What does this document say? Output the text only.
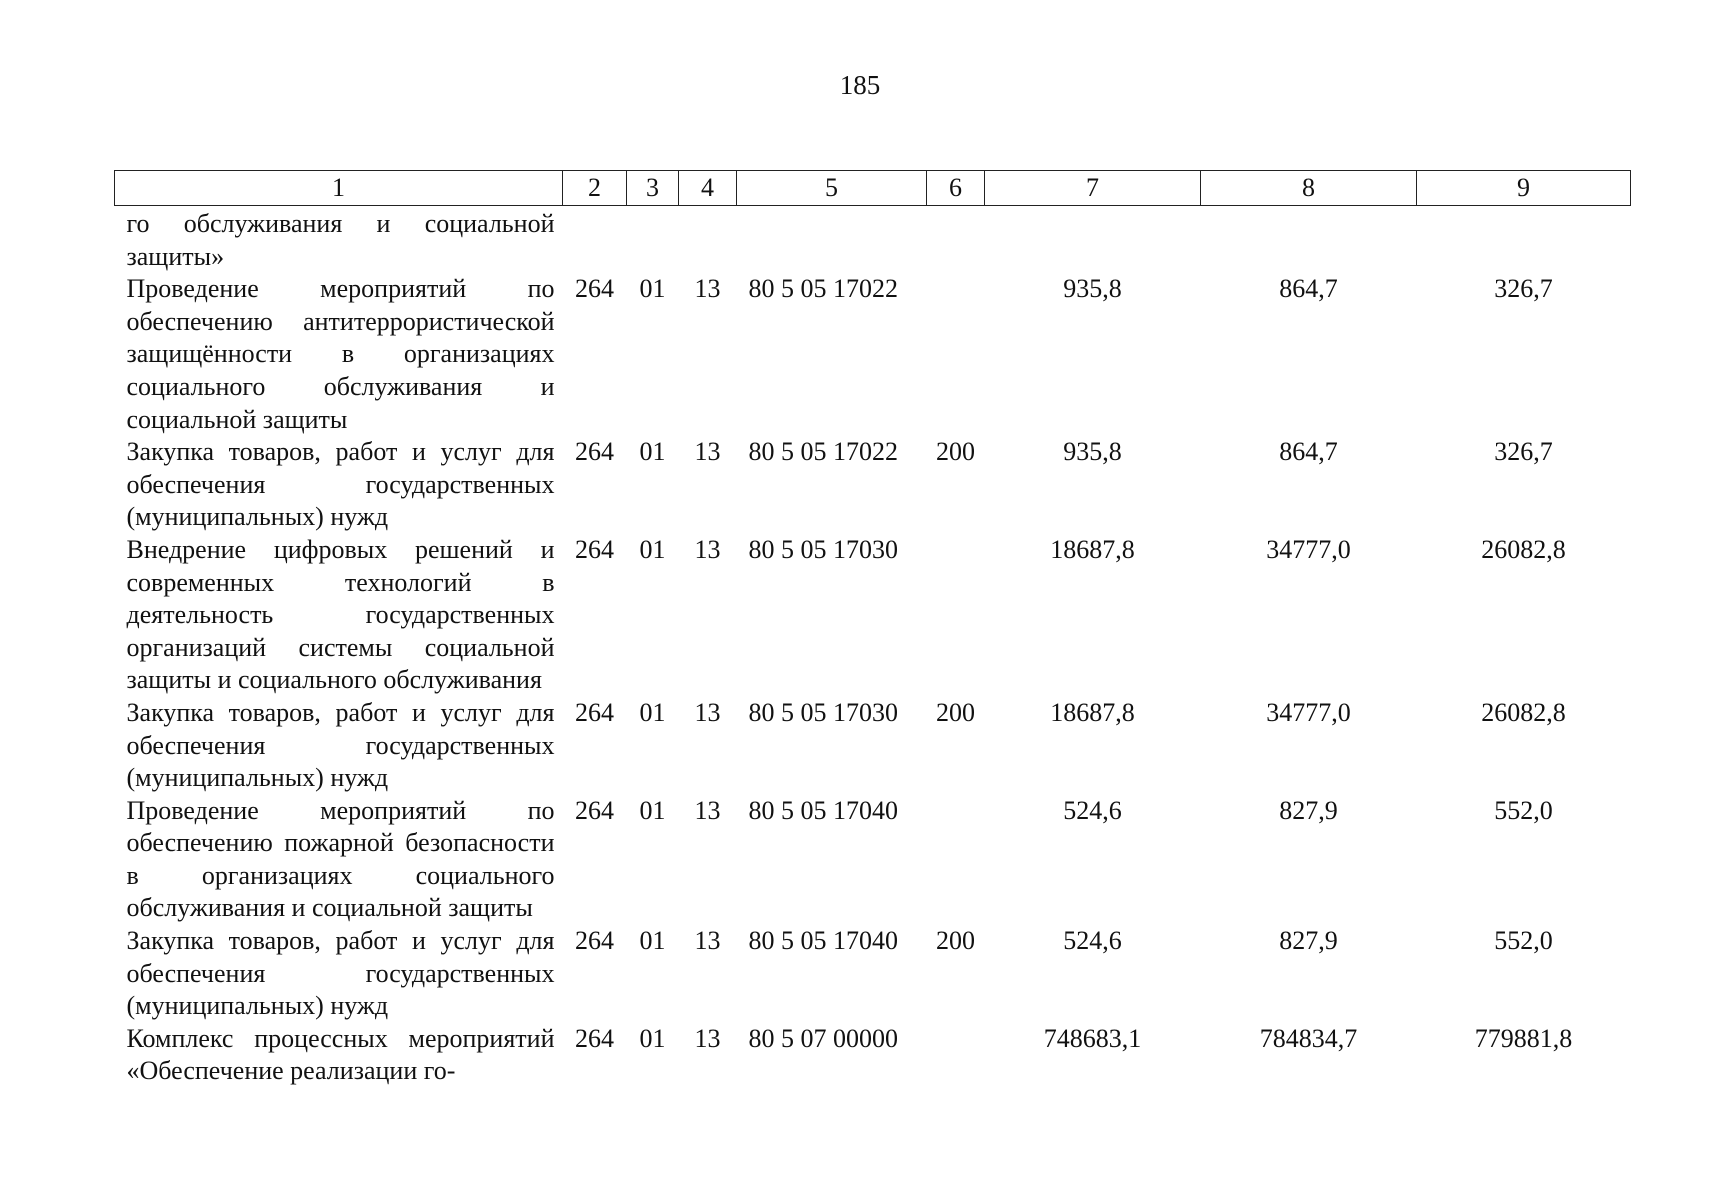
185
1	2	3	4	5	6	7	8	9
го обслуживания и социальной защиты»								
Проведение мероприятий по обеспечению антитеррористической защищённости в организациях социального обслуживания и социальной защиты	264	01	13	80 5 05 17022		935,8	864,7	326,7
Закупка товаров, работ и услуг для обеспечения государственных (муниципальных) нужд	264	01	13	80 5 05 17022	200	935,8	864,7	326,7
Внедрение цифровых решений и современных технологий в деятельность государственных организаций системы социальной защиты и социального обслуживания	264	01	13	80 5 05 17030		18687,8	34777,0	26082,8
Закупка товаров, работ и услуг для обеспечения государственных (муниципальных) нужд	264	01	13	80 5 05 17030	200	18687,8	34777,0	26082,8
Проведение мероприятий по обеспечению пожарной безопасности в организациях социального обслуживания и социальной защиты	264	01	13	80 5 05 17040		524,6	827,9	552,0
Закупка товаров, работ и услуг для обеспечения государственных (муниципальных) нужд	264	01	13	80 5 05 17040	200	524,6	827,9	552,0
Комплекс процессных мероприятий «Обеспечение реализации го-	264	01	13	80 5 07 00000		748683,1	784834,7	779881,8
